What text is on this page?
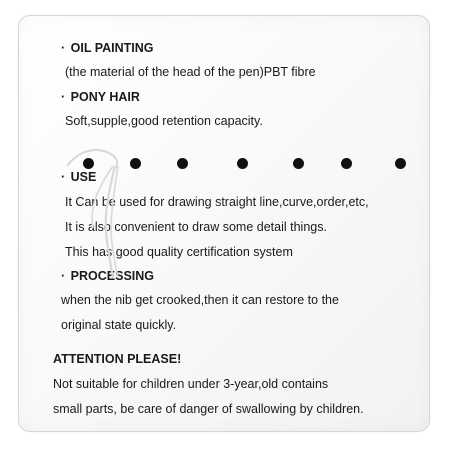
· OIL PAINTING
(the material of the head of the pen)PBT fibre
· PONY HAIR
Soft,supple,good retention capacity.
· USE
It Can be used for drawing straight line,curve,order,etc,
It is also convenient to draw some detail things.
This has good quality certification system
· PROCESSING
when the nib get crooked,then it can restore to the
original state quickly.
ATTENTION PLEASE!
Not suitable for children under 3-year,old contains
small parts, be care of danger of swallowing by children.
